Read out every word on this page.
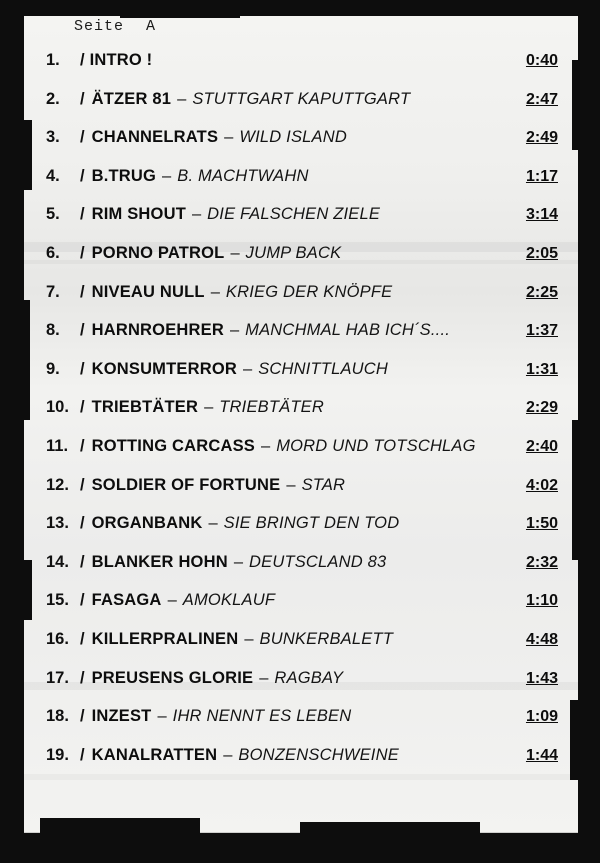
Seite A
1.	/ INTRO !	0:40
2.	/ ÄTZER 81 – STUTTGART KAPUTTGART	2:47
3.	/ CHANNELRATS – WILD ISLAND	2:49
4.	/ B.TRUG – B. MACHTWAHN	1:17
5.	/ RIM SHOUT – DIE FALSCHEN ZIELE	3:14
6.	/ PORNO PATROL – JUMP BACK	2:05
7.	/ NIVEAU NULL – KRIEG DER KNÖPFE	2:25
8.	/ HARNROEHRER – MANCHMAL HAB ICH´S....	1:37
9.	/ KONSUMTERROR – SCHNITTLAUCH	1:31
10. / TRIEBTÄTER – TRIEBTÄTER	2:29
11. / ROTTING CARCASS – MORD UND TOTSCHLAG	2:40
12. / SOLDIER OF FORTUNE – STAR	4:02
13. / ORGANBANK – SIE BRINGT DEN TOD	1:50
14. / BLANKER HOHN – DEUTSCLAND 83	2:32
15. / FASAGA – AMOKLAUF	1:10
16. / KILLERPRALINEN – BUNKERBALETT	4:48
17. / PREUSENS GLORIE – RAGBAY	1:43
18. / INZEST – IHR NENNT ES LEBEN	1:09
19. / KANALRATTEN – BONZENSCHWEINE	1:44
